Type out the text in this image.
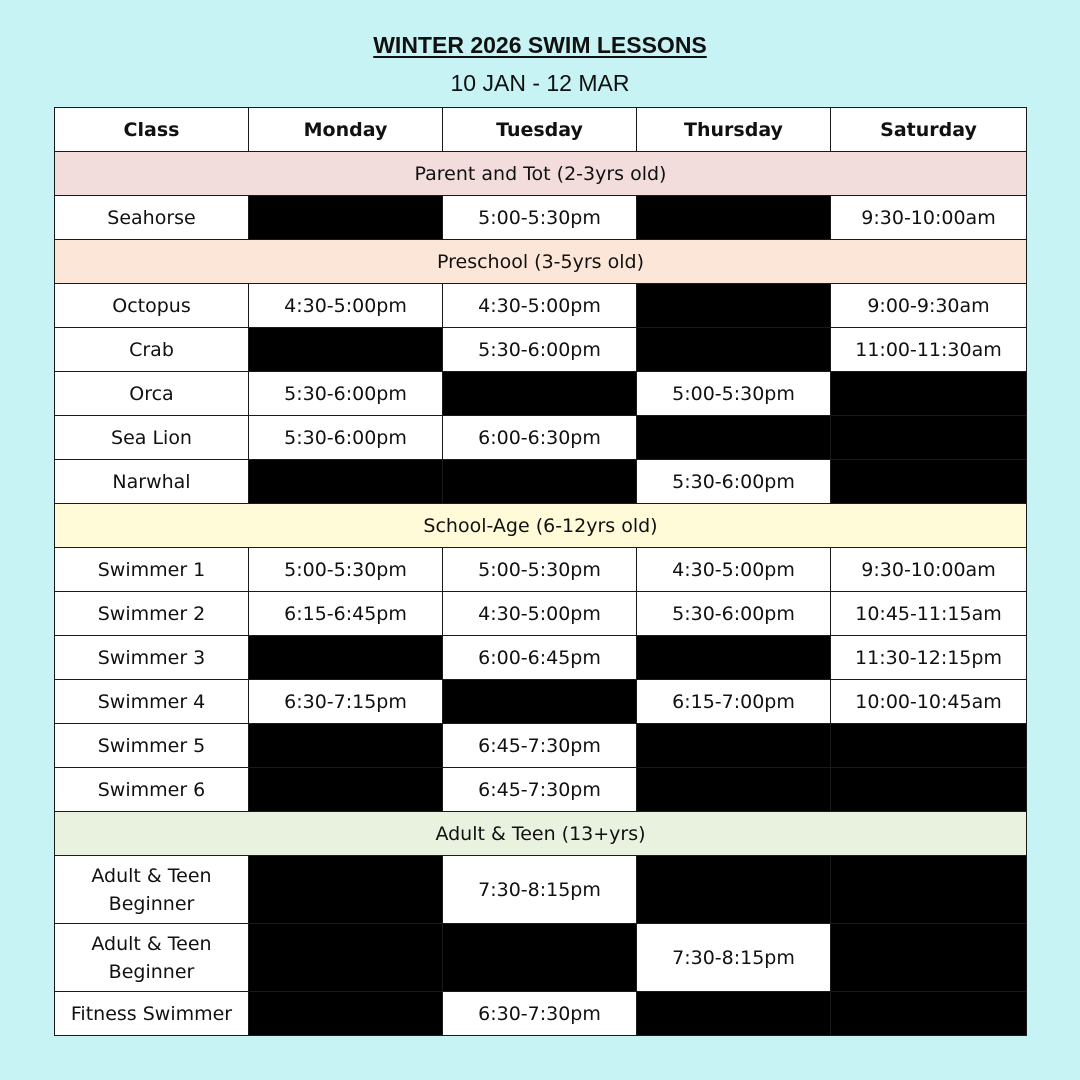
WINTER 2026 SWIM LESSONS
10 JAN - 12 MAR
Class	Monday	Tuesday	Thursday	Saturday
Parent and Tot (2-3yrs old)				
Seahorse		5:00-5:30pm		9:30-10:00am
Preschool (3-5yrs old)				
Octopus	4:30-5:00pm	4:30-5:00pm		9:00-9:30am
Crab		5:30-6:00pm		11:00-11:30am
Orca	5:30-6:00pm		5:00-5:30pm	
Sea Lion	5:30-6:00pm	6:00-6:30pm		
Narwhal			5:30-6:00pm	
School-Age (6-12yrs old)				
Swimmer 1	5:00-5:30pm	5:00-5:30pm	4:30-5:00pm	9:30-10:00am
Swimmer 2	6:15-6:45pm	4:30-5:00pm	5:30-6:00pm	10:45-11:15am
Swimmer 3		6:00-6:45pm		11:30-12:15pm
Swimmer 4	6:30-7:15pm		6:15-7:00pm	10:00-10:45am
Swimmer 5		6:45-7:30pm		
Swimmer 6		6:45-7:30pm		
Adult & Teen (13+yrs)				
Adult & Teen Beginner		7:30-8:15pm		
Adult & Teen Beginner			7:30-8:15pm	
Fitness Swimmer		6:30-7:30pm		
